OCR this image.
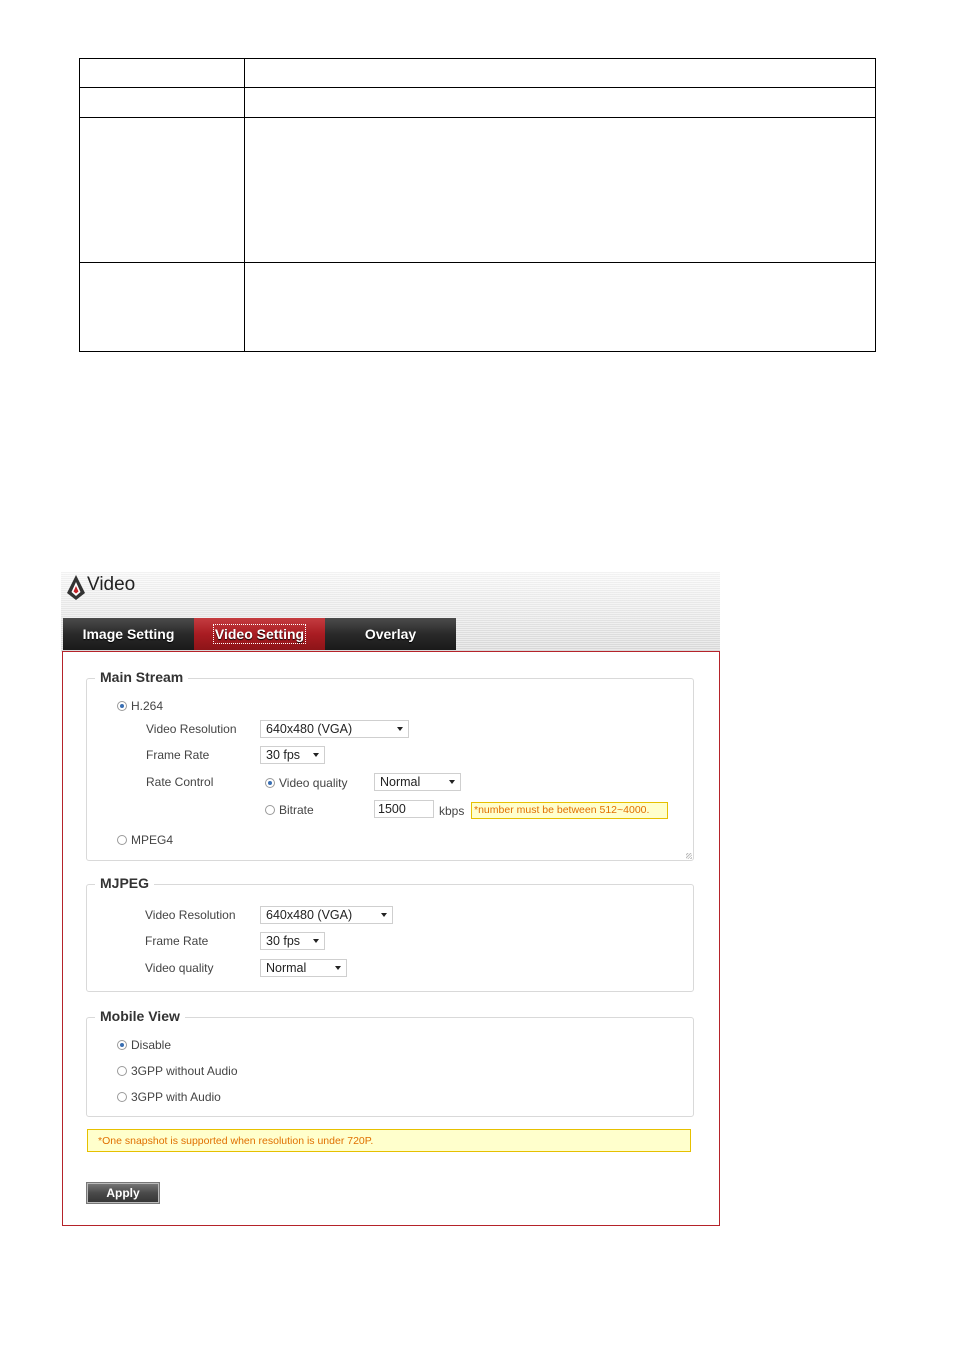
Video
Image Setting	Video Setting	Overlay
Main Stream
H.264
Video Resolution	640x480 (VGA)
Frame Rate	30 fps
Rate Control	Video quality	Normal
Bitrate	1500	kbps *number must be between 512~4000.
MPEG4
MJPEG
Video Resolution	640x480 (VGA)
Frame Rate	30 fps
Video quality	Normal
Mobile View
Disable
3GPP without Audio
3GPP with Audio
*One snapshot is supported when resolution is under 720P.
Apply
